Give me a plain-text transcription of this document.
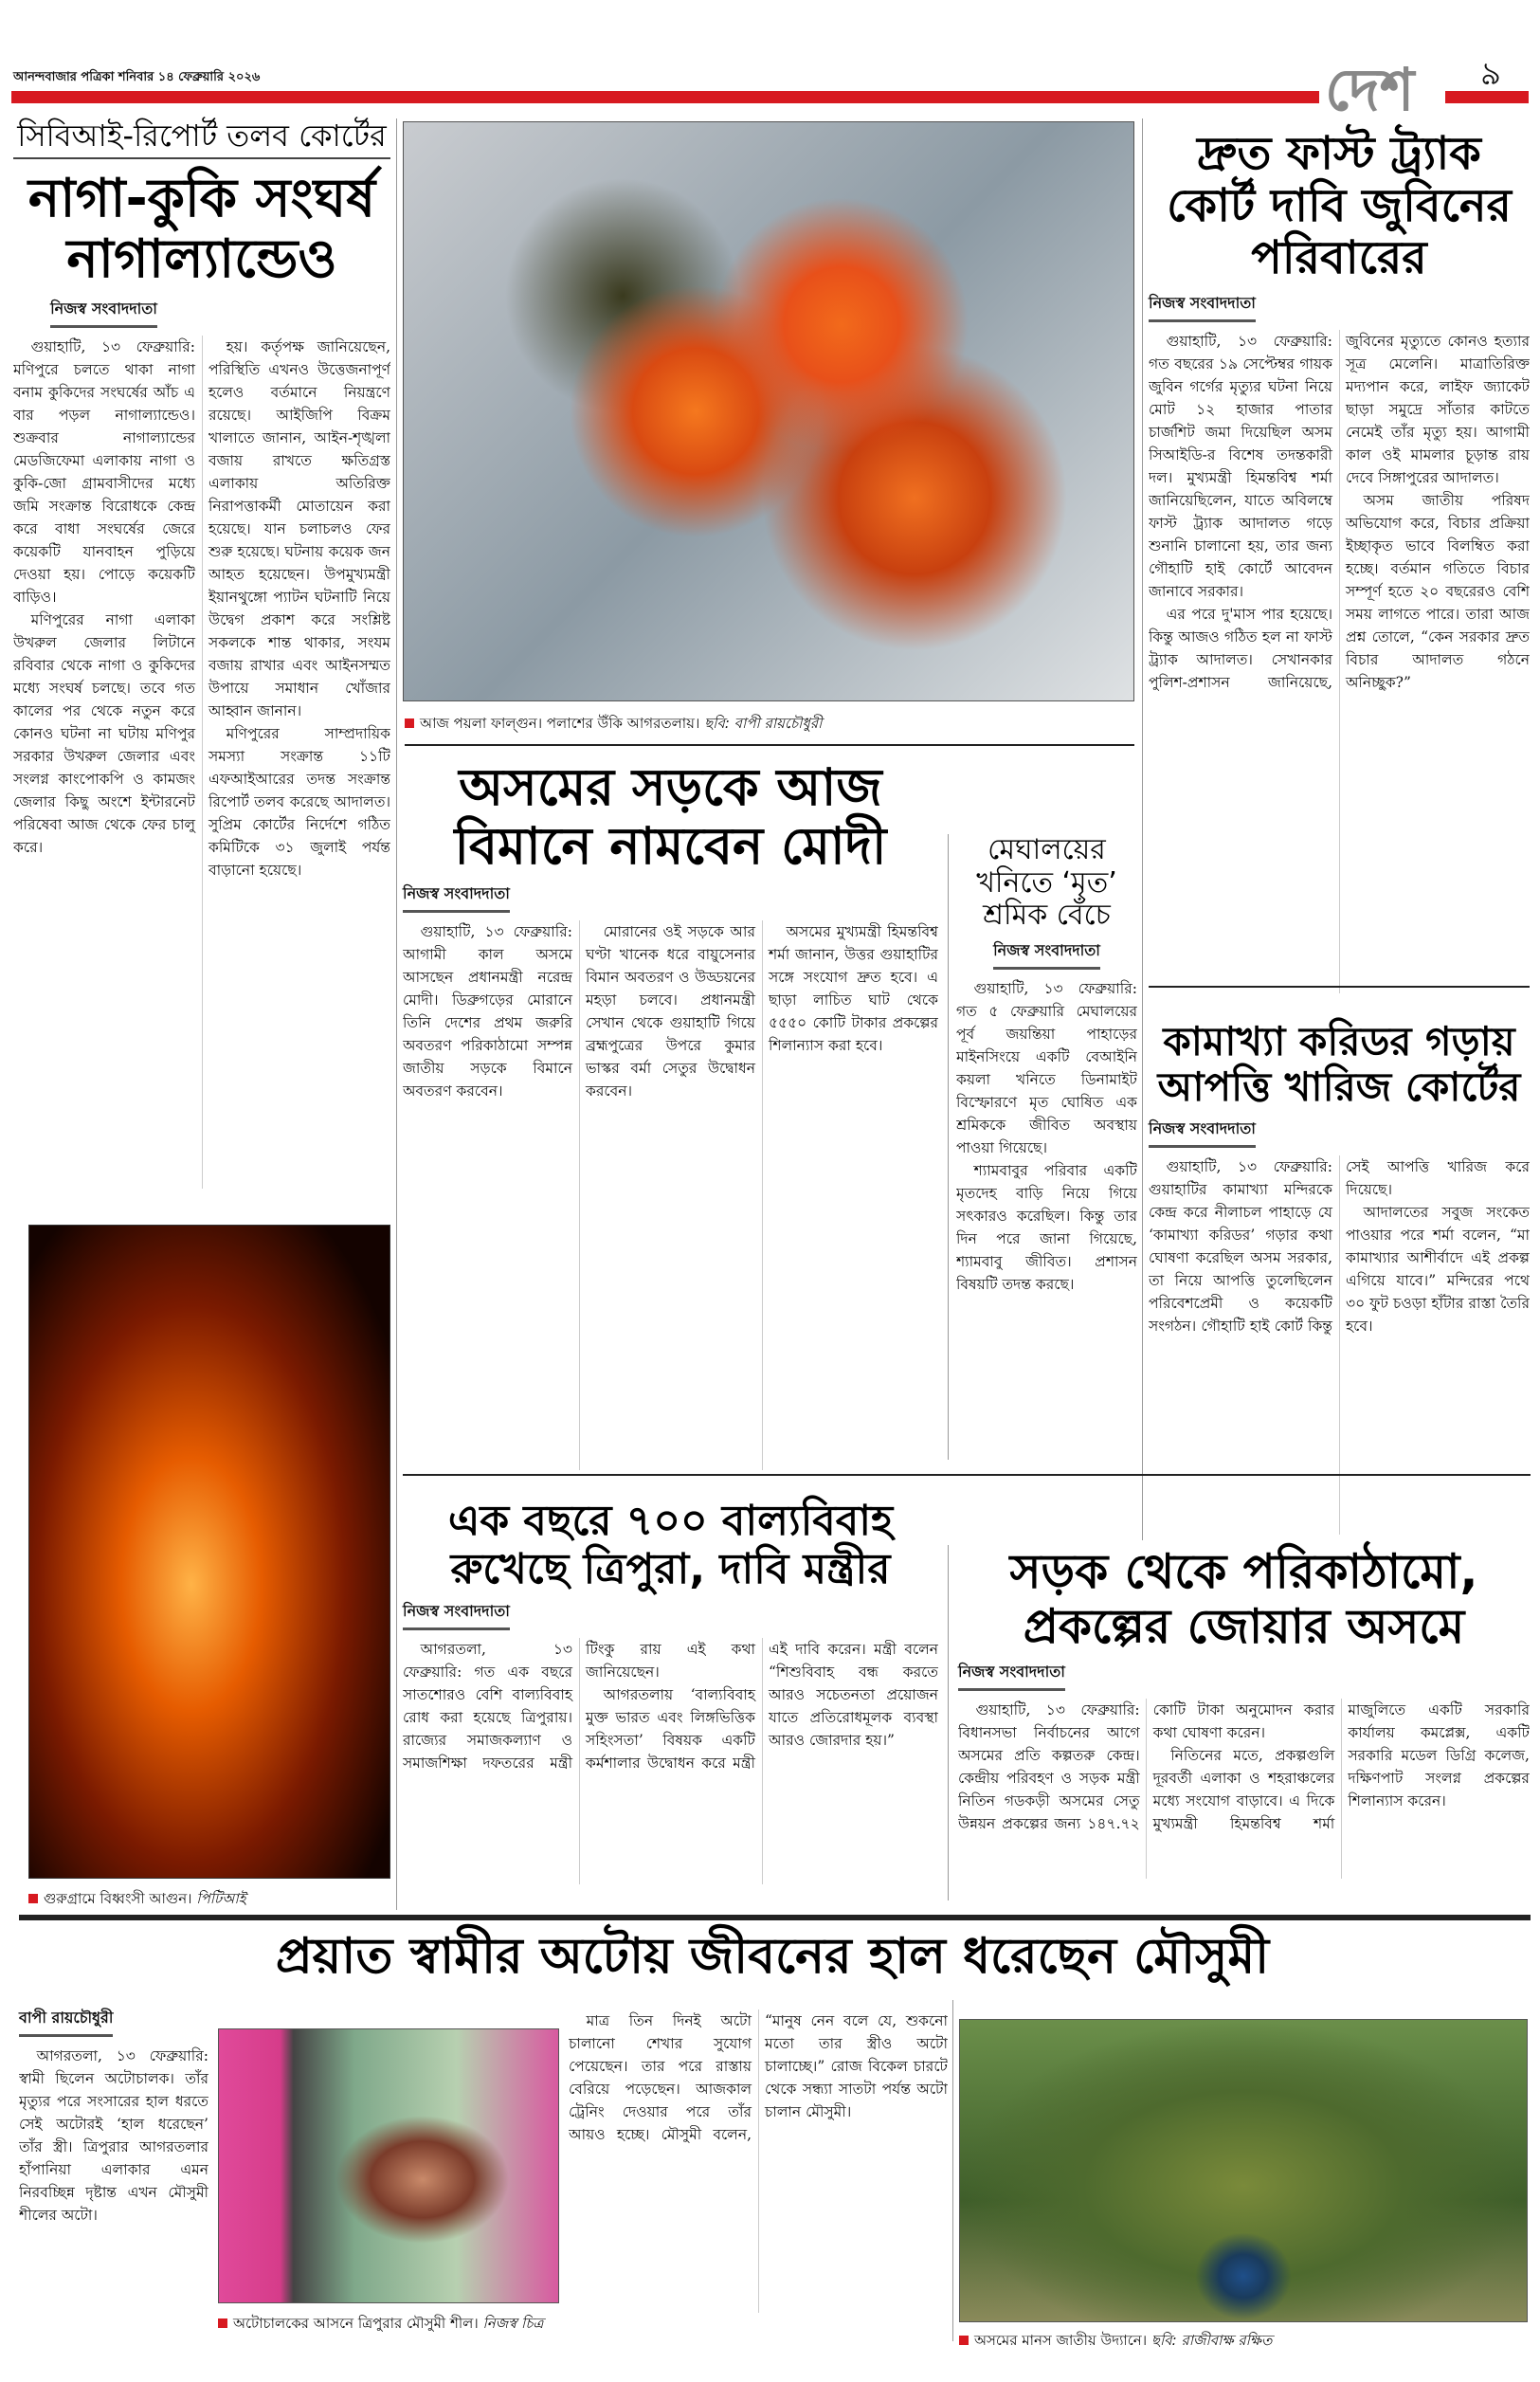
আনন্দবাজার পত্রিকা শনিবার ১৪ ফেব্রুয়ারি ২০২৬	দেশ ৯
সিবিআই-রিপোর্ট তলব কোর্টের
নাগা-কুকি সংঘর্ষ নাগাল্যান্ডেও
নিজস্ব সংবাদদাতা

গুয়াহাটি, ১৩ ফেব্রুয়ারি: মণিপুরে চলতে থাকা নাগা বনাম কুকিদের সংঘর্ষের আঁচ এ বার পড়ল নাগাল্যান্ডেও। শুক্রবার নাগাল্যান্ডের মেডজিফেমা এলাকায় নাগা ও কুকি-জো গ্রামবাসীদের মধ্যে জমি সংক্রান্ত বিরোধকে কেন্দ্র করে বাধা সংঘর্ষের জেরে কয়েকটি যানবাহন পুড়িয়ে দেওয়া হয়। পোড়ে কয়েকটি বাড়িও।

মণিপুরের নাগা এলাকা উখরুল জেলার লিটানে রবিবার থেকে নাগা ও কুকিদের মধ্যে সংঘর্ষ চলছে। তবে গত কালের পর থেকে নতুন করে কোনও ঘটনা না ঘটায় মণিপুর সরকার উখরুল জেলার এবং সংলগ্ন কাংপোকপি ও কামজং জেলার কিছু অংশে ইন্টারনেট পরিষেবা আজ থেকে ফের চালু করে।

হয়। কর্তৃপক্ষ জানিয়েছেন, পরিস্থিতি এখনও উত্তেজনাপূর্ণ হলেও বর্তমানে নিয়ন্ত্রণে রয়েছে। আইজিপি বিক্রম খালাতে জানান, আইন-শৃঙ্খলা বজায় রাখতে ক্ষতিগ্রস্ত এলাকায় অতিরিক্ত নিরাপত্তাকর্মী মোতায়েন করা হয়েছে। যান চলাচলও ফের শুরু হয়েছে। ঘটনায় কয়েক জন আহত হয়েছেন। উপমুখ্যমন্ত্রী ইয়ানথুঙ্গো প্যাটন ঘটনাটি নিয়ে উদ্বেগ প্রকাশ করে সংশ্লিষ্ট সকলকে শান্ত থাকার, সংযম বজায় রাখার এবং আইনসম্মত উপায়ে সমাধান খোঁজার আহ্বান জানান।

মণিপুরের সাম্প্রদায়িক সমস্যা সংক্রান্ত ১১টি এফআইআরের তদন্ত সংক্রান্ত রিপোর্ট তলব করেছে আদালত। সুপ্রিম কোর্টের নির্দেশে গঠিত কমিটিকে ৩১ জুলাই পর্যন্ত বাড়ানো হয়েছে।

গুরুগ্রামে বিধ্বংসী আগুন। পিটিআই
আজ পয়লা ফাল্গুন। পলাশের উঁকি আগরতলায়। ছবি: বাপী রায়চৌধুরী
অসমের সড়কে আজ বিমানে নামবেন মোদী
নিজস্ব সংবাদদাতা

গুয়াহাটি, ১৩ ফেব্রুয়ারি: আগামী কাল অসমে আসছেন প্রধানমন্ত্রী নরেন্দ্র মোদী। ডিব্রুগড়ের মোরানে তিনি দেশের প্রথম জরুরি অবতরণ পরিকাঠামো সম্পন্ন জাতীয় সড়কে বিমানে অবতরণ করবেন।

মোরানের ওই সড়কে আর ঘণ্টা খানেক ধরে বায়ুসেনার বিমান অবতরণ ও উড্ডয়নের মহড়া চলবে। প্রধানমন্ত্রী সেখান থেকে গুয়াহাটি গিয়ে ব্রহ্মপুত্রের উপরে কুমার ভাস্কর বর্মা সেতুর উদ্বোধন করবেন।

অসমের মুখ্যমন্ত্রী হিমন্তবিশ্ব শর্মা জানান, উত্তর গুয়াহাটির সঙ্গে সংযোগ দ্রুত হবে। এ ছাড়া লাচিত ঘাট থেকে ৫৫৫০ কোটি টাকার প্রকল্পের শিলান্যাস করা হবে।

মেঘালয়ের খনিতে ‘মৃত’ শ্রমিক বেঁচে
নিজস্ব সংবাদদাতা

গুয়াহাটি, ১৩ ফেব্রুয়ারি: গত ৫ ফেব্রুয়ারি মেঘালয়ের পূর্ব জয়ন্তিয়া পাহাড়ের মাইনসিংয়ে একটি বেআইনি কয়লা খনিতে ডিনামাইট বিস্ফোরণে মৃত ঘোষিত এক শ্রমিককে জীবিত অবস্থায় পাওয়া গিয়েছে।

শ্যামবাবুর পরিবার একটি মৃতদেহ বাড়ি নিয়ে গিয়ে সৎকারও করেছিল। কিন্তু তার দিন পরে জানা গিয়েছে, শ্যামবাবু জীবিত। প্রশাসন বিষয়টি তদন্ত করছে।

দ্রুত ফাস্ট ট্র্যাক কোর্ট দাবি জুবিনের পরিবারের
নিজস্ব সংবাদদাতা

গুয়াহাটি, ১৩ ফেব্রুয়ারি: গত বছরের ১৯ সেপ্টেম্বর গায়ক জুবিন গর্গের মৃত্যুর ঘটনা নিয়ে মোট ১২ হাজার পাতার চার্জশিট জমা দিয়েছিল অসম সিআইডি-র বিশেষ তদন্তকারী দল। মুখ্যমন্ত্রী হিমন্তবিশ্ব শর্মা জানিয়েছিলেন, যাতে অবিলম্বে ফাস্ট ট্র্যাক আদালত গড়ে শুনানি চালানো হয়, তার জন্য গৌহাটি হাই কোর্টে আবেদন জানাবে সরকার।

এর পরে দু'মাস পার হয়েছে। কিন্তু আজও গঠিত হল না ফাস্ট ট্র্যাক আদালত। সেখানকার পুলিশ-প্রশাসন জানিয়েছে, জুবিনের মৃত্যুতে কোনও হত্যার সূত্র মেলেনি। মাত্রাতিরিক্ত মদ্যপান করে, লাইফ জ্যাকেট ছাড়া সমুদ্রে সাঁতার কাটতে নেমেই তাঁর মৃত্যু হয়। আগামী কাল ওই মামলার চূড়ান্ত রায় দেবে সিঙ্গাপুরের আদালত।

অসম জাতীয় পরিষদ অভিযোগ করে, বিচার প্রক্রিয়া ইচ্ছাকৃত ভাবে বিলম্বিত করা হচ্ছে। বর্তমান গতিতে বিচার সম্পূর্ণ হতে ২০ বছরেরও বেশি সময় লাগতে পারে। তারা আজ প্রশ্ন তোলে, “কেন সরকার দ্রুত বিচার আদালত গঠনে অনিচ্ছুক?”

কামাখ্যা করিডর গড়ায় আপত্তি খারিজ কোর্টের
নিজস্ব সংবাদদাতা

গুয়াহাটি, ১৩ ফেব্রুয়ারি: গুয়াহাটির কামাখ্যা মন্দিরকে কেন্দ্র করে নীলাচল পাহাড়ে যে ‘কামাখ্যা করিডর’ গড়ার কথা ঘোষণা করেছিল অসম সরকার, তা নিয়ে আপত্তি তুলেছিলেন পরিবেশপ্রেমী ও কয়েকটি সংগঠন। গৌহাটি হাই কোর্ট কিন্তু সেই আপত্তি খারিজ করে দিয়েছে।

আদালতের সবুজ সংকেত পাওয়ার পরে শর্মা বলেন, “মা কামাখ্যার আশীর্বাদে এই প্রকল্প এগিয়ে যাবে।” মন্দিরের পথে ৩০ ফুট চওড়া হাঁটার রাস্তা তৈরি হবে।

এক বছরে ৭০০ বাল্যবিবাহ রুখেছে ত্রিপুরা, দাবি মন্ত্রীর
নিজস্ব সংবাদদাতা

আগরতলা, ১৩ ফেব্রুয়ারি: গত এক বছরে সাতশোরও বেশি বাল্যবিবাহ রোধ করা হয়েছে ত্রিপুরায়। রাজ্যের সমাজকল্যাণ ও সমাজশিক্ষা দফতরের মন্ত্রী টিংকু রায় এই কথা জানিয়েছেন।

আগরতলায় ‘বাল্যবিবাহ মুক্ত ভারত এবং লিঙ্গভিত্তিক সহিংসতা’ বিষয়ক একটি কর্মশালার উদ্বোধন করে মন্ত্রী এই দাবি করেন। মন্ত্রী বলেন “শিশুবিবাহ বন্ধ করতে আরও সচেতনতা প্রয়োজন যাতে প্রতিরোধমূলক ব্যবস্থা আরও জোরদার হয়।”

সড়ক থেকে পরিকাঠামো, প্রকল্পের জোয়ার অসমে
নিজস্ব সংবাদদাতা

গুয়াহাটি, ১৩ ফেব্রুয়ারি: বিধানসভা নির্বাচনের আগে অসমের প্রতি কল্পতরু কেন্দ্র। কেন্দ্রীয় পরিবহণ ও সড়ক মন্ত্রী নিতিন গডকড়ী অসমের সেতু উন্নয়ন প্রকল্পের জন্য ১৪৭.৭২ কোটি টাকা অনুমোদন করার কথা ঘোষণা করেন।

নিতিনের মতে, প্রকল্পগুলি দূরবর্তী এলাকা ও শহরাঞ্চলের মধ্যে সংযোগ বাড়াবে। এ দিকে মুখ্যমন্ত্রী হিমন্তবিশ্ব শর্মা মাজুলিতে একটি সরকারি কার্যালয় কমপ্লেক্স, একটি সরকারি মডেল ডিগ্রি কলেজ, দক্ষিণপাট সংলগ্ন প্রকল্পের শিলান্যাস করেন।

প্রয়াত স্বামীর অটোয় জীবনের হাল ধরেছেন মৌসুমী
বাপী রায়চৌধুরী

আগরতলা, ১৩ ফেব্রুয়ারি: স্বামী ছিলেন অটোচালক। তাঁর মৃত্যুর পরে সংসারের হাল ধরতে সেই অটোরই ‘হাল ধরেছেন’ তাঁর স্ত্রী। ত্রিপুরার আগরতলার হাঁপানিয়া এলাকার এমন নিরবচ্ছিন্ন দৃষ্টান্ত এখন মৌসুমী শীলের অটো।

মাত্র তিন দিনই অটো চালানো শেখার সুযোগ পেয়েছেন। তার পরে রাস্তায় বেরিয়ে পড়েছেন। আজকাল ট্রেনিং দেওয়ার পরে তাঁর আয়ও হচ্ছে। মৌসুমী বলেন, “মানুষ নেন বলে যে, শুকনো মতো তার স্ত্রীও অটো চালাচ্ছে।” রোজ বিকেল চারটে থেকে সন্ধ্যা সাতটা পর্যন্ত অটো চালান মৌসুমী।

অটোচালকের আসনে ত্রিপুরার মৌসুমী শীল। নিজস্ব চিত্র
অসমের মানস জাতীয় উদ্যানে। ছবি: রাজীবাক্ষ রক্ষিত
